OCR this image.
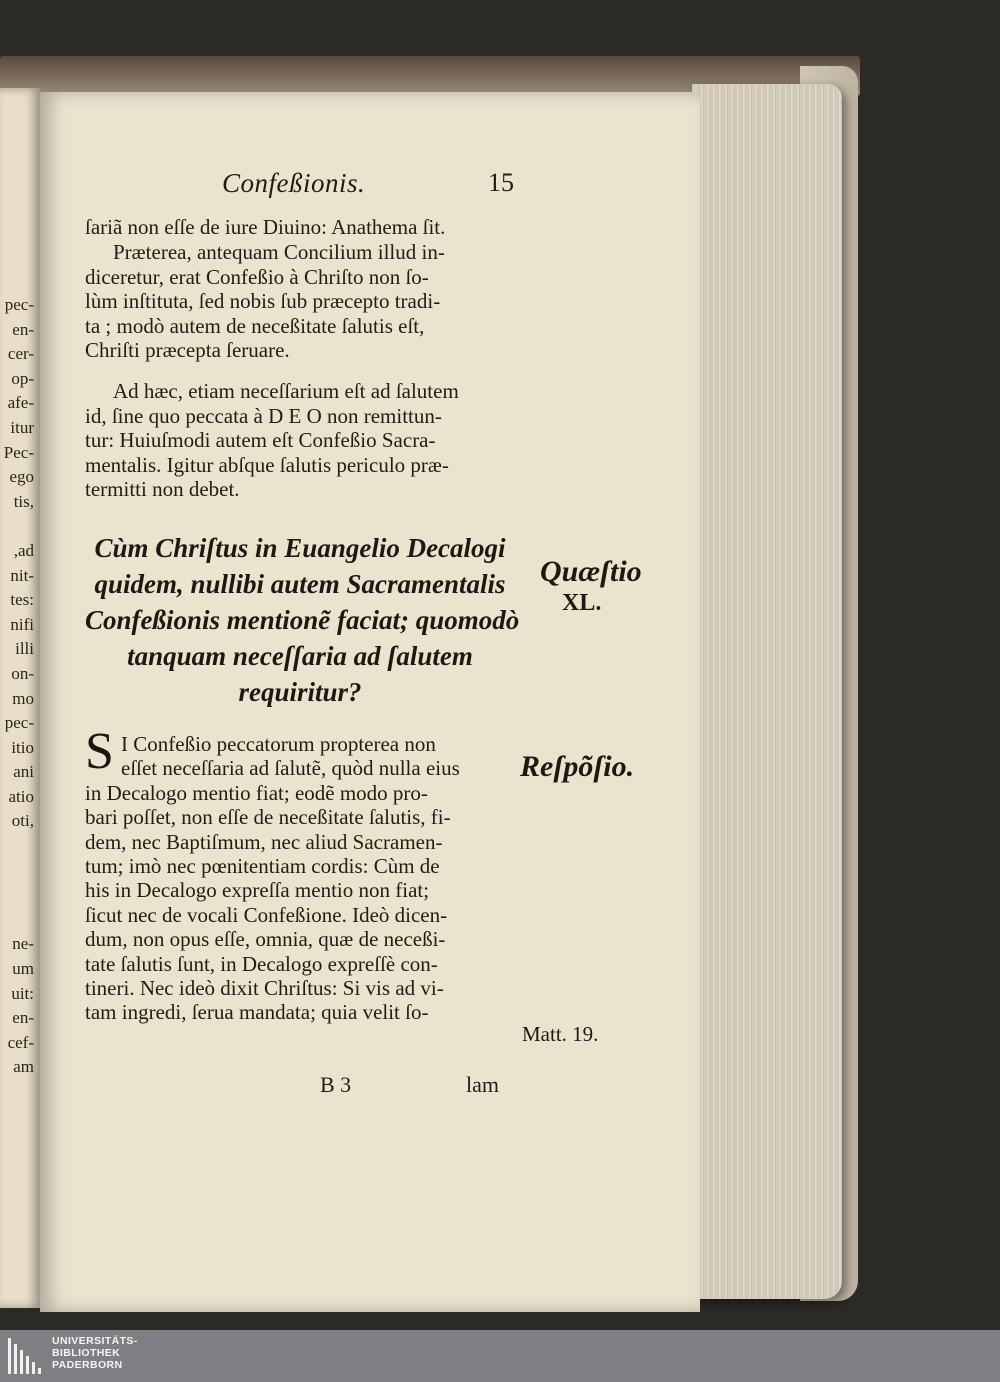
pec-
en-
cer-
op-
afe-
itur
Pec-
ego
tis,
,ad
nit-
tes:
nifi
illi
on-
mo
pec-
itio
ani
atio
oti,
ne-
um
uit:
en-
cef-
am
Confeßionis.	15
ſariã non eſſe de iure Diuino: Anathema ſit.
Præterea, antequam Concilium illud in-
diceretur, erat Confeßio à Chriſto non ſo-
lùm inſtituta, ſed nobis ſub præcepto tradi-
ta ; modò autem de neceßitate ſalutis eſt,
Chriſti præcepta ſeruare.
Ad hæc, etiam neceſſarium eſt ad ſalutem
id, ſine quo peccata à D E O non remittun-
tur: Huiuſmodi autem eſt Confeßio Sacra-
mentalis. Igitur abſque ſalutis periculo præ-
termitti non debet.
Cùm Chriſtus in Euangelio Decalogi
quidem, nullibi autem Sacramentalis
Confeßionis mentionẽ faciat; quomodò
tanquam neceſſaria ad ſalutem
requiritur?
Quæſtio
XL.
S I Confeßio peccatorum propterea non
eſſet neceſſaria ad ſalutẽ, quòd nulla eius
in Decalogo mentio fiat; eodẽ modo pro-
bari poſſet, non eſſe de neceßitate ſalutis, fi-
dem, nec Baptiſmum, nec aliud Sacramen-
tum; imò nec pœnitentiam cordis: Cùm de
his in Decalogo expreſſa mentio non fiat;
ſicut nec de vocali Confeßione. Ideò dicen-
dum, non opus eſſe, omnia, quæ de neceßi-
tate ſalutis ſunt, in Decalogo expreſſè con-
tineri. Nec ideò dixit Chriſtus: Si vis ad vi-
tam ingredi, ſerua mandata; quia velit ſo-
Reſpõſio.
Matt. 19.
B 3	lam
UNIVERSITÄTS-
BIBLIOTHEK
PADERBORN
